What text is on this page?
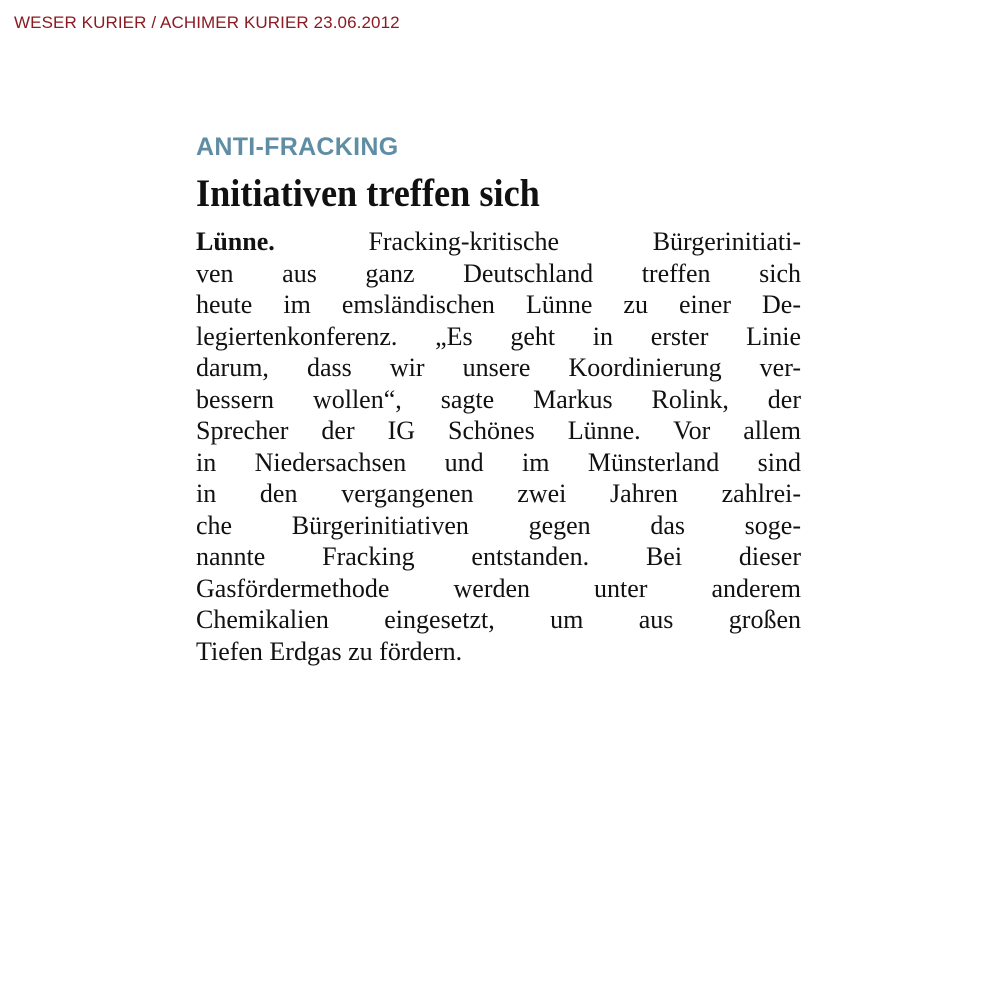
WESER KURIER / ACHIMER KURIER 23.06.2012
ANTI-FRACKING
Initiativen treffen sich
Lünne. Fracking-kritische Bürgerinitiati-
ven aus ganz Deutschland treffen sich
heute im emsländischen Lünne zu einer De-
legiertenkonferenz. „Es geht in erster Linie
darum, dass wir unsere Koordinierung ver-
bessern wollen“, sagte Markus Rolink, der
Sprecher der IG Schönes Lünne. Vor allem
in Niedersachsen und im Münsterland sind
in den vergangenen zwei Jahren zahlrei-
che Bürgerinitiativen gegen das soge-
nannte Fracking entstanden. Bei dieser
Gasfördermethode werden unter anderem
Chemikalien eingesetzt, um aus großen
Tiefen Erdgas zu fördern.
